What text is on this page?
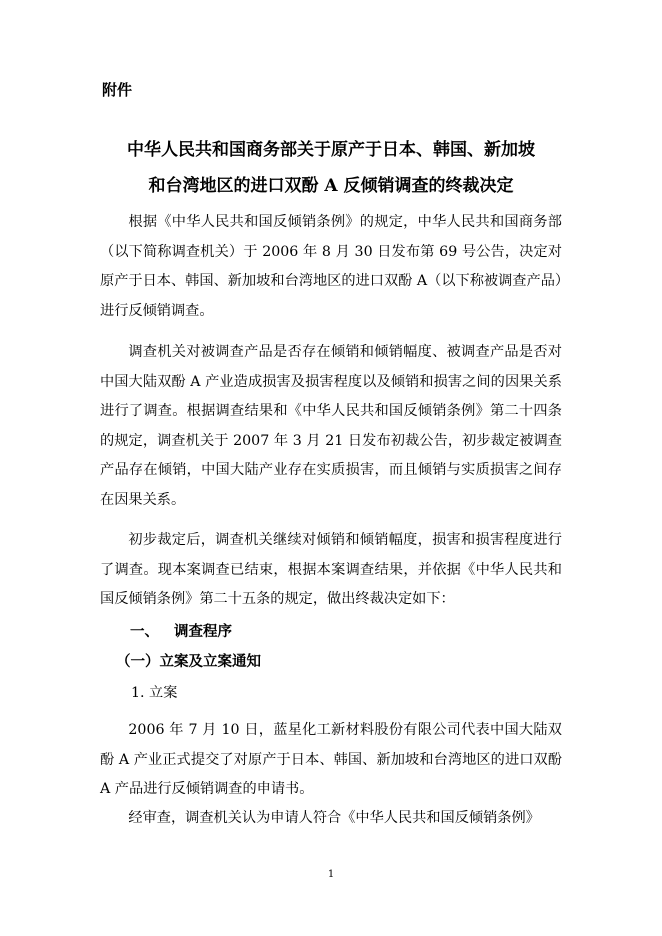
附件
中华人民共和国商务部关于原产于日本、韩国、新加坡
和台湾地区的进口双酚 A 反倾销调查的终裁决定

根据《中华人民共和国反倾销条例》的规定，中华人民共和国商务部（以下简称调查机关）于 2006 年 8 月 30 日发布第 69 号公告，决定对原产于日本、韩国、新加坡和台湾地区的进口双酚 A（以下称被调查产品）进行反倾销调查。

调查机关对被调查产品是否存在倾销和倾销幅度、被调查产品是否对中国大陆双酚 A 产业造成损害及损害程度以及倾销和损害之间的因果关系进行了调查。根据调查结果和《中华人民共和国反倾销条例》第二十四条的规定，调查机关于 2007 年 3 月 21 日发布初裁公告，初步裁定被调查产品存在倾销，中国大陆产业存在实质损害，而且倾销与实质损害之间存在因果关系。

初步裁定后，调查机关继续对倾销和倾销幅度，损害和损害程度进行了调查。现本案调查已结束，根据本案调查结果，并依据《中华人民共和国反倾销条例》第二十五条的规定，做出终裁决定如下：

一、 调查程序
（一）立案及立案通知
1. 立案

2006 年 7 月 10 日，蓝星化工新材料股份有限公司代表中国大陆双酚 A 产业正式提交了对原产于日本、韩国、新加坡和台湾地区的进口双酚 A 产品进行反倾销调查的申请书。

经审查，调查机关认为申请人符合《中华人民共和国反倾销条例》

1
